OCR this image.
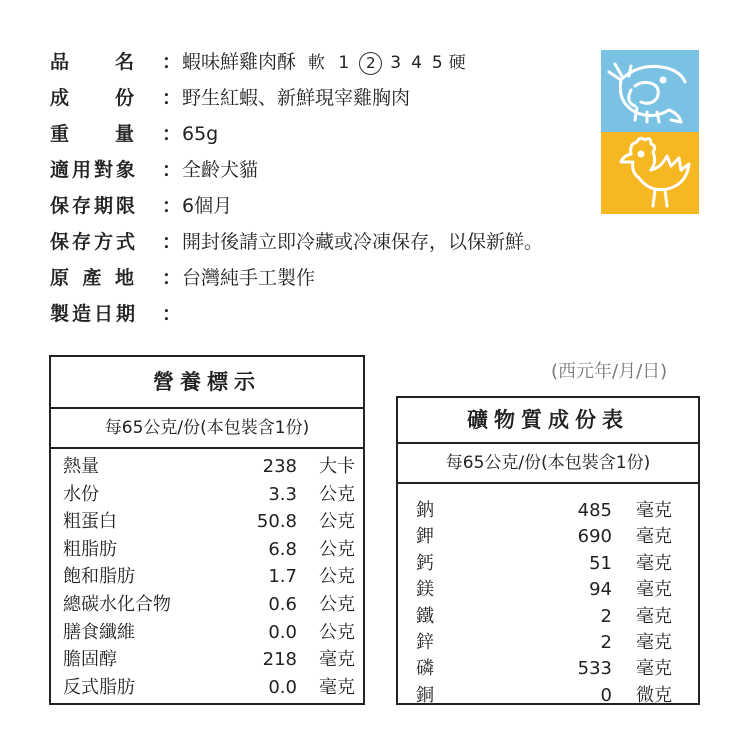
品 名 ：蝦味鮮雞肉酥 軟 1 2 3 4 5 硬
成 份 ：野生紅蝦、新鮮現宰雞胸肉
重 量 ：65g
適用對象 ：全齡犬貓
保存期限 ：6個月
保存方式 ：開封後請立即冷藏或冷凍保存，以保新鮮。
原 產 地 ：台灣純手工製作
製造日期 ：
(西元年/月/日)
營養標示
每65公克/份(本包裝含1份)
熱量	238 大卡
水份	3.3 公克
粗蛋白	50.8 公克
粗脂肪	6.8 公克
飽和脂肪	1.7 公克
總碳水化合物	0.6 公克
膳食纖維	0.0 公克
膽固醇	218 毫克
反式脂肪	0.0 毫克
礦物質成份表
每65公克/份(本包裝含1份)
鈉	485 毫克
鉀	690 毫克
鈣	51 毫克
鎂	94 毫克
鐵	2 毫克
鋅	2 毫克
磷	533 毫克
銅	0 微克
